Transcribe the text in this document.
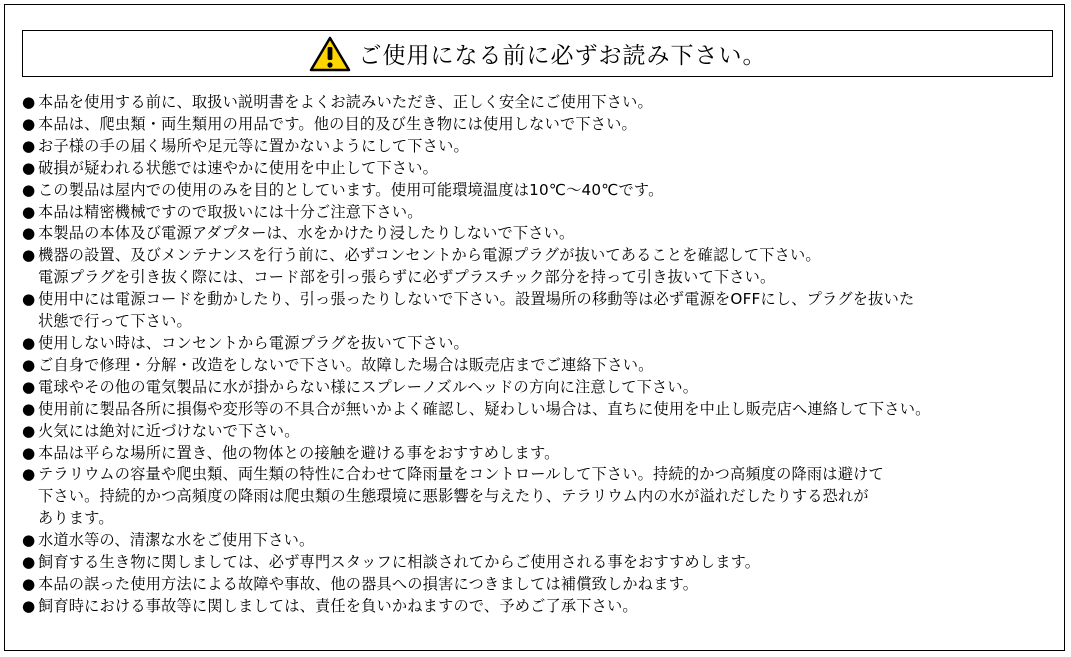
ご使用になる前に必ずお読み下さい。
● 本品を使用する前に、取扱い説明書をよくお読みいただき、正しく安全にご使用下さい。
● 本品は、爬虫類・両生類用の用品です。他の目的及び生き物には使用しないで下さい。
● お子様の手の届く場所や足元等に置かないようにして下さい。
● 破損が疑われる状態では速やかに使用を中止して下さい。
● この製品は屋内での使用のみを目的としています。使用可能環境温度は10℃～40℃です。
● 本品は精密機械ですので取扱いには十分ご注意下さい。
● 本製品の本体及び電源アダプターは、水をかけたり浸したりしないで下さい。
● 機器の設置、及びメンテナンスを行う前に、必ずコンセントから電源プラグが抜いてあることを確認して下さい。
電源プラグを引き抜く際には、コード部を引っ張らずに必ずプラスチック部分を持って引き抜いて下さい。
● 使用中には電源コードを動かしたり、引っ張ったりしないで下さい。設置場所の移動等は必ず電源をOFFにし、プラグを抜いた
状態で行って下さい。
● 使用しない時は、コンセントから電源プラグを抜いて下さい。
● ご自身で修理・分解・改造をしないで下さい。故障した場合は販売店までご連絡下さい。
● 電球やその他の電気製品に水が掛からない様にスプレーノズルヘッドの方向に注意して下さい。
● 使用前に製品各所に損傷や変形等の不具合が無いかよく確認し、疑わしい場合は、直ちに使用を中止し販売店へ連絡して下さい。
● 火気には絶対に近づけないで下さい。
● 本品は平らな場所に置き、他の物体との接触を避ける事をおすすめします。
● テラリウムの容量や爬虫類、両生類の特性に合わせて降雨量をコントロールして下さい。持続的かつ高頻度の降雨は避けて
下さい。持続的かつ高頻度の降雨は爬虫類の生態環境に悪影響を与えたり、テラリウム内の水が溢れだしたりする恐れが
あります。
● 水道水等の、清潔な水をご使用下さい。
● 飼育する生き物に関しましては、必ず専門スタッフに相談されてからご使用される事をおすすめします。
● 本品の誤った使用方法による故障や事故、他の器具への損害につきましては補償致しかねます。
● 飼育時における事故等に関しましては、責任を負いかねますので、予めご了承下さい。
